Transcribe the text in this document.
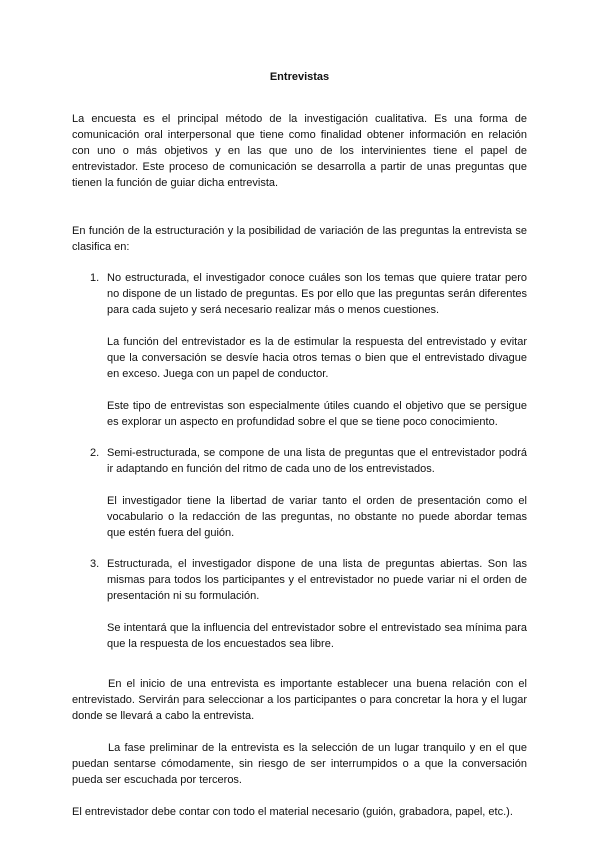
Entrevistas

La encuesta es el principal método de la investigación cualitativa. Es una forma de comunicación oral interpersonal que tiene como finalidad obtener información en relación con uno o más objetivos y en las que uno de los intervinientes tiene el papel de entrevistador. Este proceso de comunicación se desarrolla a partir de unas preguntas que tienen la función de guiar dicha entrevista.

En función de la estructuración y la posibilidad de variación de las preguntas la entrevista se clasifica en:

1. No estructurada, el investigador conoce cuáles son los temas que quiere tratar pero no dispone de un listado de preguntas. Es por ello que las preguntas serán diferentes para cada sujeto y será necesario realizar más o menos cuestiones.

La función del entrevistador es la de estimular la respuesta del entrevistado y evitar que la conversación se desvíe hacia otros temas o bien que el entrevistado divague en exceso. Juega con un papel de conductor.

Este tipo de entrevistas son especialmente útiles cuando el objetivo que se persigue es explorar un aspecto en profundidad sobre el que se tiene poco conocimiento.

2. Semi-estructurada, se compone de una lista de preguntas que el entrevistador podrá ir adaptando en función del ritmo de cada uno de los entrevistados.

El investigador tiene la libertad de variar tanto el orden de presentación como el vocabulario o la redacción de las preguntas, no obstante no puede abordar temas que estén fuera del guión.

3. Estructurada, el investigador dispone de una lista de preguntas abiertas. Son las mismas para todos los participantes y el entrevistador no puede variar ni el orden de presentación ni su formulación.

Se intentará que la influencia del entrevistador sobre el entrevistado sea mínima para que la respuesta de los encuestados sea libre.

En el inicio de una entrevista es importante establecer una buena relación con el entrevistado. Servirán para seleccionar a los participantes o para concretar la hora y el lugar donde se llevará a cabo la entrevista.

La fase preliminar de la entrevista es la selección de un lugar tranquilo y en el que puedan sentarse cómodamente, sin riesgo de ser interrumpidos o a que la conversación pueda ser escuchada por terceros.

El entrevistador debe contar con todo el material necesario (guión, grabadora, papel, etc.).
